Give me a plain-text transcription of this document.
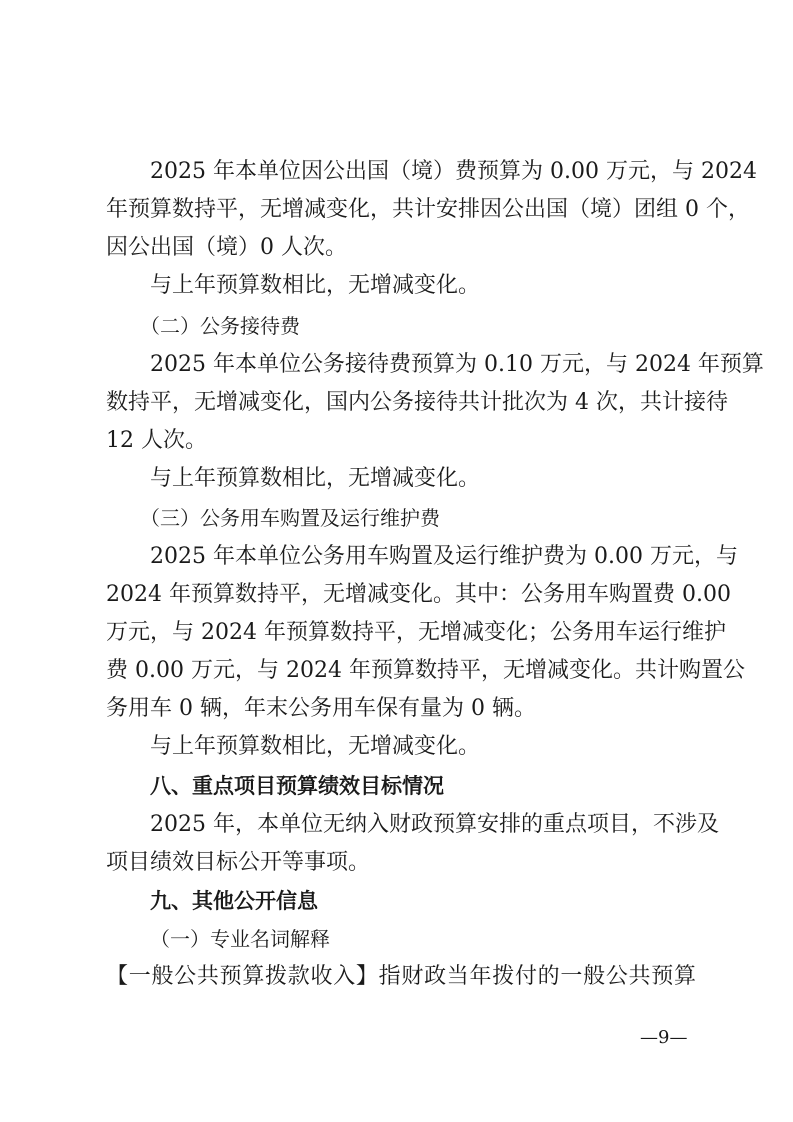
2025 年本单位因公出国（境）费预算为 0.00 万元，与 2024
年预算数持平，无增减变化，共计安排因公出国（境）团组 0 个，
因公出国（境）0 人次。
与上年预算数相比，无增减变化。
（二）公务接待费
2025 年本单位公务接待费预算为 0.10 万元，与 2024 年预算
数持平，无增减变化，国内公务接待共计批次为 4 次，共计接待
12 人次。
与上年预算数相比，无增减变化。
（三）公务用车购置及运行维护费
2025 年本单位公务用车购置及运行维护费为 0.00 万元，与
2024 年预算数持平，无增减变化。其中：公务用车购置费 0.00
万元，与 2024 年预算数持平，无增减变化；公务用车运行维护
费 0.00 万元，与 2024 年预算数持平，无增减变化。共计购置公
务用车 0 辆，年末公务用车保有量为 0 辆。
与上年预算数相比，无增减变化。
八、重点项目预算绩效目标情况
2025 年，本单位无纳入财政预算安排的重点项目，不涉及
项目绩效目标公开等事项。
九、其他公开信息
（一）专业名词解释
【一般公共预算拨款收入】指财政当年拨付的一般公共预算
—9—
